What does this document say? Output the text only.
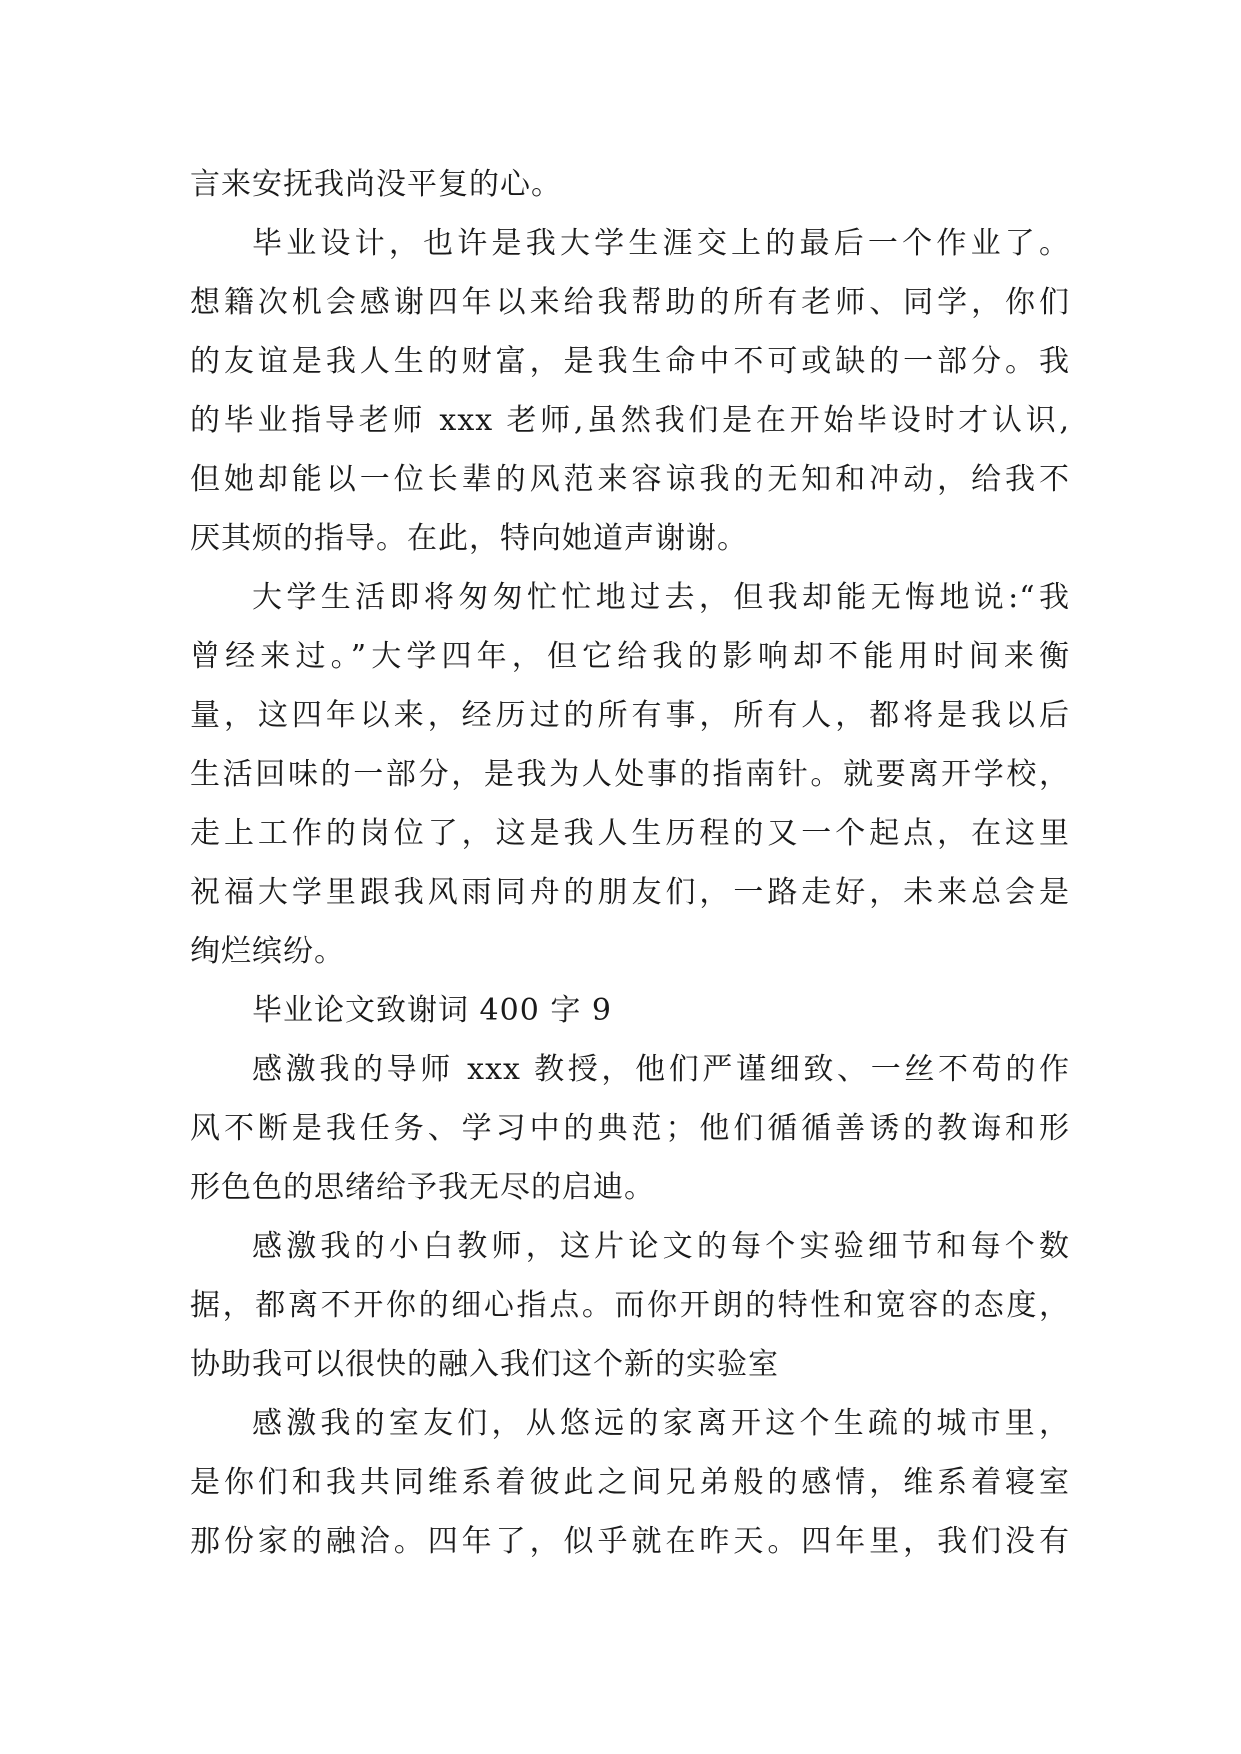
言来安抚我尚没平复的心。
毕业设计，也许是我大学生涯交上的最后一个作业了。
想籍次机会感谢四年以来给我帮助的所有老师、同学，你们
的友谊是我人生的财富，是我生命中不可或缺的一部分。我
的毕业指导老师 xxx 老师,虽然我们是在开始毕设时才认识,
但她却能以一位长辈的风范来容谅我的无知和冲动，给我不
厌其烦的指导。在此，特向她道声谢谢。
大学生活即将匆匆忙忙地过去，但我却能无悔地说:“我
曾经来过。”大学四年，但它给我的影响却不能用时间来衡
量，这四年以来，经历过的所有事，所有人，都将是我以后
生活回味的一部分，是我为人处事的指南针。就要离开学校，
走上工作的岗位了，这是我人生历程的又一个起点，在这里
祝福大学里跟我风雨同舟的朋友们，一路走好，未来总会是
绚烂缤纷。
毕业论文致谢词 400 字 9
感激我的导师 xxx 教授，他们严谨细致、一丝不苟的作
风不断是我任务、学习中的典范；他们循循善诱的教诲和形
形色色的思绪给予我无尽的启迪。
感激我的小白教师，这片论文的每个实验细节和每个数
据，都离不开你的细心指点。而你开朗的特性和宽容的态度，
协助我可以很快的融入我们这个新的实验室
感激我的室友们，从悠远的家离开这个生疏的城市里，
是你们和我共同维系着彼此之间兄弟般的感情，维系着寝室
那份家的融洽。四年了，似乎就在昨天。四年里，我们没有
